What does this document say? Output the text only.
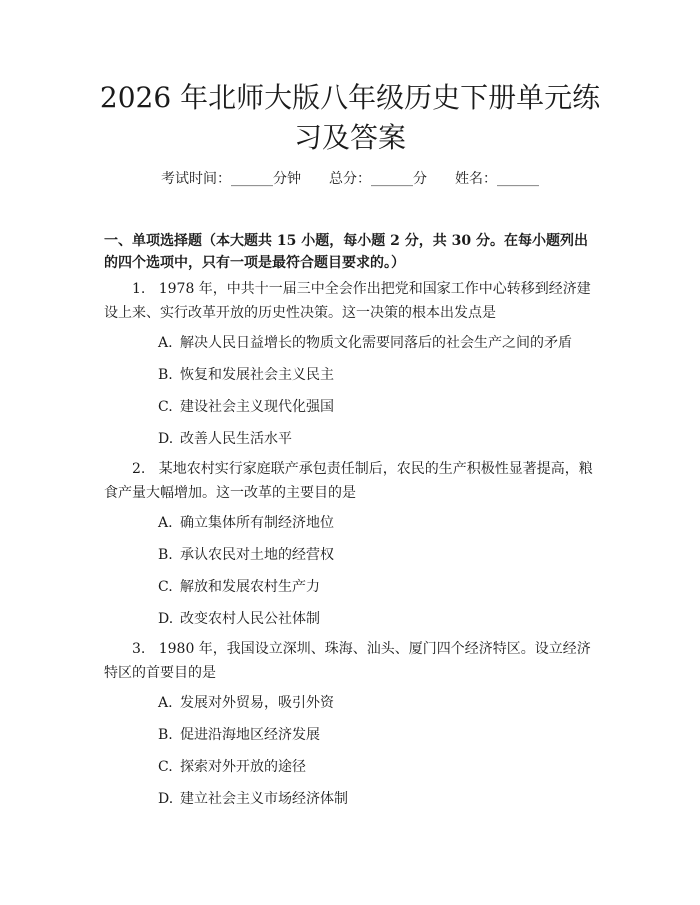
2026 年北师大版八年级历史下册单元练习及答案
考试时间：______分钟 总分：______分 姓名：______

一、单项选择题（本大题共 15 小题，每小题 2 分，共 30 分。在每小题列出的四个选项中，只有一项是最符合题目要求的。）

1. 1978 年，中共十一届三中全会作出把党和国家工作中心转移到经济建设上来、实行改革开放的历史性决策。这一决策的根本出发点是

A. 解决人民日益增长的物质文化需要同落后的社会生产之间的矛盾
B. 恢复和发展社会主义民主
C. 建设社会主义现代化强国
D. 改善人民生活水平

2. 某地农村实行家庭联产承包责任制后，农民的生产积极性显著提高，粮食产量大幅增加。这一改革的主要目的是

A. 确立集体所有制经济地位
B. 承认农民对土地的经营权
C. 解放和发展农村生产力
D. 改变农村人民公社体制

3. 1980 年，我国设立深圳、珠海、汕头、厦门四个经济特区。设立经济特区的首要目的是

A. 发展对外贸易，吸引外资
B. 促进沿海地区经济发展
C. 探索对外开放的途径
D. 建立社会主义市场经济体制
